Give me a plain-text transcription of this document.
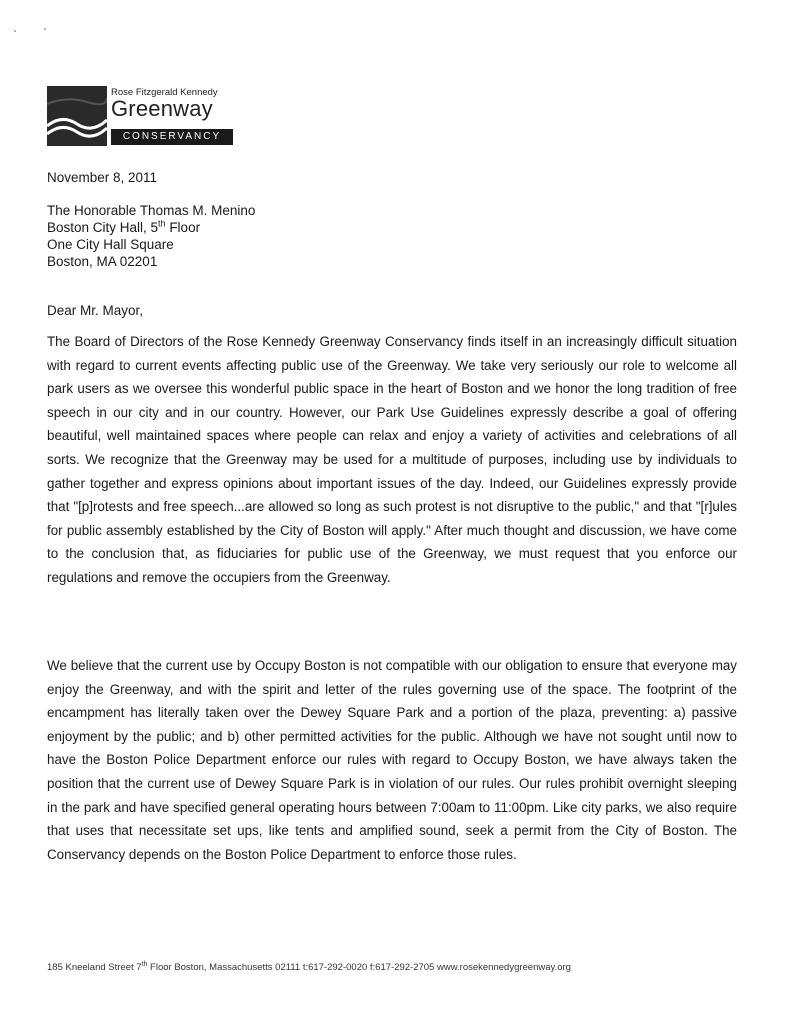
Rose Fitzgerald Kennedy
Greenway
CONSERVANCY
November 8, 2011
The Honorable Thomas M. Menino
Boston City Hall, 5th Floor
One City Hall Square
Boston, MA 02201
Dear Mr. Mayor,
The Board of Directors of the Rose Kennedy Greenway Conservancy finds itself in an increasingly difficult situation with regard to current events affecting public use of the Greenway. We take very seriously our role to welcome all park users as we oversee this wonderful public space in the heart of Boston and we honor the long tradition of free speech in our city and in our country. However, our Park Use Guidelines expressly describe a goal of offering beautiful, well maintained spaces where people can relax and enjoy a variety of activities and celebrations of all sorts. We recognize that the Greenway may be used for a multitude of purposes, including use by individuals to gather together and express opinions about important issues of the day. Indeed, our Guidelines expressly provide that "[p]rotests and free speech...are allowed so long as such protest is not disruptive to the public," and that "[r]ules for public assembly established by the City of Boston will apply." After much thought and discussion, we have come to the conclusion that, as fiduciaries for public use of the Greenway, we must request that you enforce our regulations and remove the occupiers from the Greenway.
We believe that the current use by Occupy Boston is not compatible with our obligation to ensure that everyone may enjoy the Greenway, and with the spirit and letter of the rules governing use of the space. The footprint of the encampment has literally taken over the Dewey Square Park and a portion of the plaza, preventing: a) passive enjoyment by the public; and b) other permitted activities for the public. Although we have not sought until now to have the Boston Police Department enforce our rules with regard to Occupy Boston, we have always taken the position that the current use of Dewey Square Park is in violation of our rules. Our rules prohibit overnight sleeping in the park and have specified general operating hours between 7:00am to 11:00pm. Like city parks, we also require that uses that necessitate set ups, like tents and amplified sound, seek a permit from the City of Boston. The Conservancy depends on the Boston Police Department to enforce those rules.
185 Kneeland Street 7th Floor Boston, Massachusetts 02111 t:617-292-0020 f:617-292-2705 www.rosekennedygreenway.org
